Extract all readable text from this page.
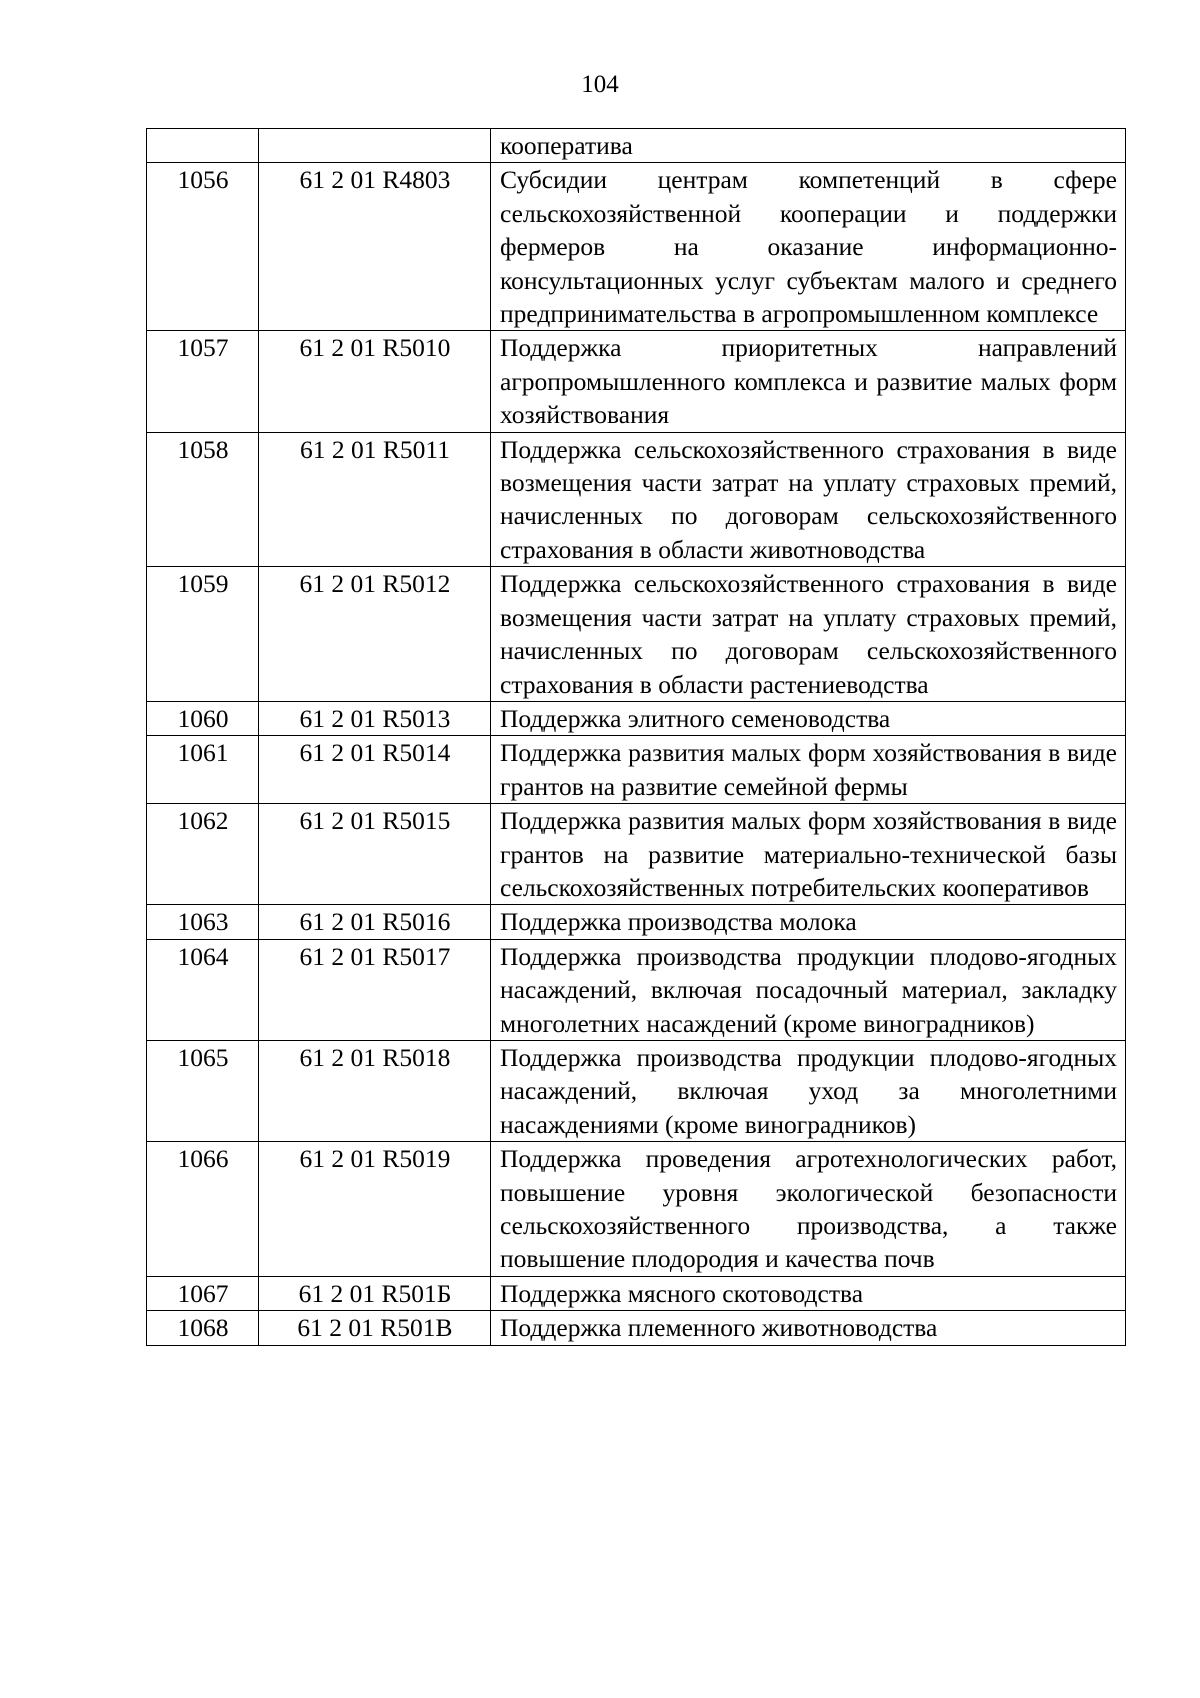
104
		кооператива
1056	61 2 01 R4803	Субсидии центрам компетенций в сфере сельскохозяйственной кооперации и поддержки фермеров на оказание информационно-консультационных услуг субъектам малого и среднего предпринимательства в агропромышленном комплексе
1057	61 2 01 R5010	Поддержка приоритетных направлений агропромышленного комплекса и развитие малых форм хозяйствования
1058	61 2 01 R5011	Поддержка сельскохозяйственного страхования в виде возмещения части затрат на уплату страховых премий, начисленных по договорам сельскохозяйственного страхования в области животноводства
1059	61 2 01 R5012	Поддержка сельскохозяйственного страхования в виде возмещения части затрат на уплату страховых премий, начисленных по договорам сельскохозяйственного страхования в области растениеводства
1060	61 2 01 R5013	Поддержка элитного семеноводства
1061	61 2 01 R5014	Поддержка развития малых форм хозяйствования в виде грантов на развитие семейной фермы
1062	61 2 01 R5015	Поддержка развития малых форм хозяйствования в виде грантов на развитие материально-технической базы сельскохозяйственных потребительских кооперативов
1063	61 2 01 R5016	Поддержка производства молока
1064	61 2 01 R5017	Поддержка производства продукции плодово-ягодных насаждений, включая посадочный материал, закладку многолетних насаждений (кроме виноградников)
1065	61 2 01 R5018	Поддержка производства продукции плодово-ягодных насаждений, включая уход за многолетними насаждениями (кроме виноградников)
1066	61 2 01 R5019	Поддержка проведения агротехнологических работ, повышение уровня экологической безопасности сельскохозяйственного производства, а также повышение плодородия и качества почв
1067	61 2 01 R501Б	Поддержка мясного скотоводства
1068	61 2 01 R501В	Поддержка племенного животноводства
